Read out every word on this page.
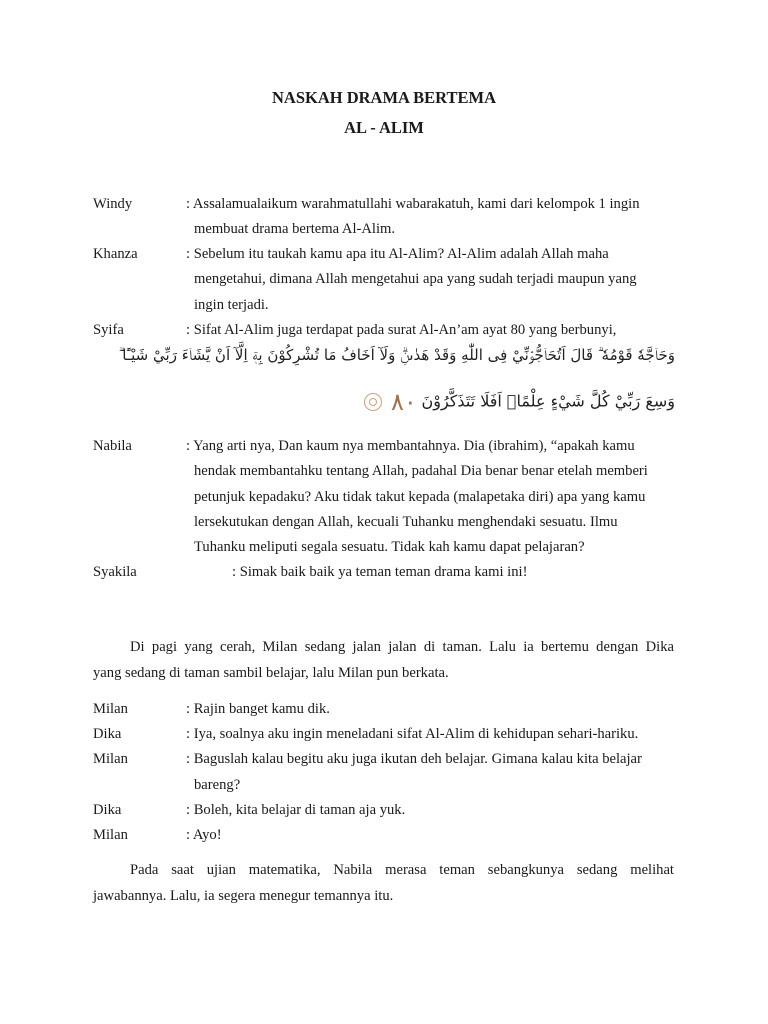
NASKAH DRAMA BERTEMA
AL - ALIM
Windy	: Assalamualaikum warahmatullahi wabarakatuh, kami dari kelompok 1 ingin
membuat drama bertema Al-Alim.
Khanza	: Sebelum itu taukah kamu apa itu Al-Alim? Al-Alim adalah Allah maha
mengetahui, dimana Allah mengetahui apa yang sudah terjadi maupun yang
ingin terjadi.
Syifa	: Sifat Al-Alim juga terdapat pada surat Al-An’am ayat 80 yang berbunyi,
وَحَاۤجَّهٗ قَوْمُهٗ ۗ قَالَ اَتُحَاۤجُّوْۤنِّيْ فِى اللّٰهِ وَقَدْ هَدٰىنِۗ وَلَآ اَخَافُ مَا تُشْرِكُوْنَ بِهٖٓ اِلَّآ اَنْ يَّشَاۤءَ رَبِّيْ شَيْـًٔا ۗ
وَسِعَ رَبِّيْ كُلَّ شَيْءٍ عِلْمًاۗ اَفَلَا تَتَذَكَّرُوْنَ ٨٠
Nabila	: Yang arti nya, Dan kaum nya membantahnya. Dia (ibrahim), “apakah kamu
hendak membantahku tentang Allah, padahal Dia benar benar etelah memberi
petunjuk kepadaku? Aku tidak takut kepada (malapetaka diri) apa yang kamu
lersekutukan dengan Allah, kecuali Tuhanku menghendaki sesuatu. Ilmu
Tuhanku meliputi segala sesuatu. Tidak kah kamu dapat pelajaran?
Syakila	: Simak baik baik ya teman teman drama kami ini!
Di pagi yang cerah, Milan sedang jalan jalan di taman. Lalu ia bertemu dengan Dika
yang sedang di taman sambil belajar, lalu Milan pun berkata.
Milan	: Rajin banget kamu dik.
Dika	: Iya, soalnya aku ingin meneladani sifat Al-Alim di kehidupan sehari-hariku.
Milan	: Baguslah kalau begitu aku juga ikutan deh belajar. Gimana kalau kita belajar
bareng?
Dika	: Boleh, kita belajar di taman aja yuk.
Milan	: Ayo!
Pada saat ujian matematika, Nabila merasa teman sebangkunya sedang melihat
jawabannya. Lalu, ia segera menegur temannya itu.
